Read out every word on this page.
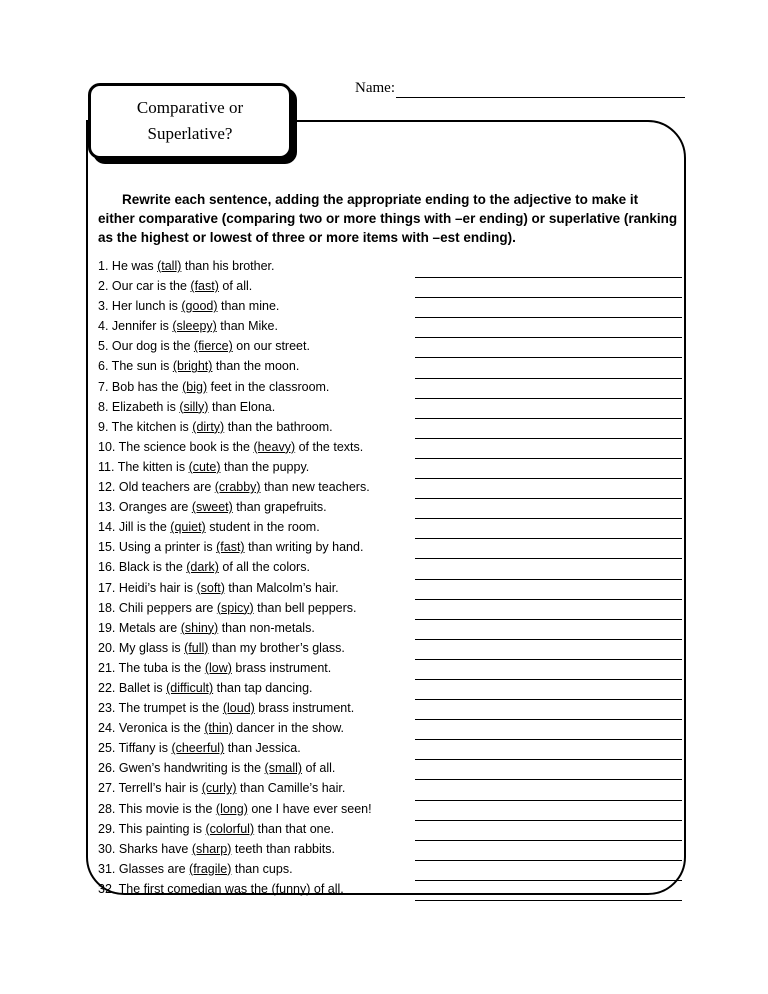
Name:
Comparative or
Superlative?
Rewrite each sentence, adding the appropriate ending to the adjective to make it either comparative (comparing two or more things with –er ending) or superlative (ranking as the highest or lowest of three or more items with –est ending).
1. He was (tall) than his brother.
2. Our car is the (fast) of all.
3. Her lunch is (good) than mine.
4. Jennifer is (sleepy) than Mike.
5. Our dog is the (fierce) on our street.
6. The sun is (bright) than the moon.
7. Bob has the (big) feet in the classroom.
8. Elizabeth is (silly) than Elona.
9. The kitchen is (dirty) than the bathroom.
10. The science book is the (heavy) of the texts.
11. The kitten is (cute) than the puppy.
12. Old teachers are (crabby) than new teachers.
13. Oranges are (sweet) than grapefruits.
14. Jill is the (quiet) student in the room.
15. Using a printer is (fast) than writing by hand.
16. Black is the (dark) of all the colors.
17. Heidi’s hair is (soft) than Malcolm’s hair.
18. Chili peppers are (spicy) than bell peppers.
19. Metals are (shiny) than non-metals.
20. My glass is (full) than my brother’s glass.
21. The tuba is the (low) brass instrument.
22. Ballet is (difficult) than tap dancing.
23. The trumpet is the (loud) brass instrument.
24. Veronica is the (thin) dancer in the show.
25. Tiffany is (cheerful) than Jessica.
26. Gwen’s handwriting is the (small) of all.
27. Terrell’s hair is (curly) than Camille’s hair.
28. This movie is the (long) one I have ever seen!
29. This painting is (colorful) than that one.
30. Sharks have (sharp) teeth than rabbits.
31. Glasses are (fragile) than cups.
32. The first comedian was the (funny) of all.
